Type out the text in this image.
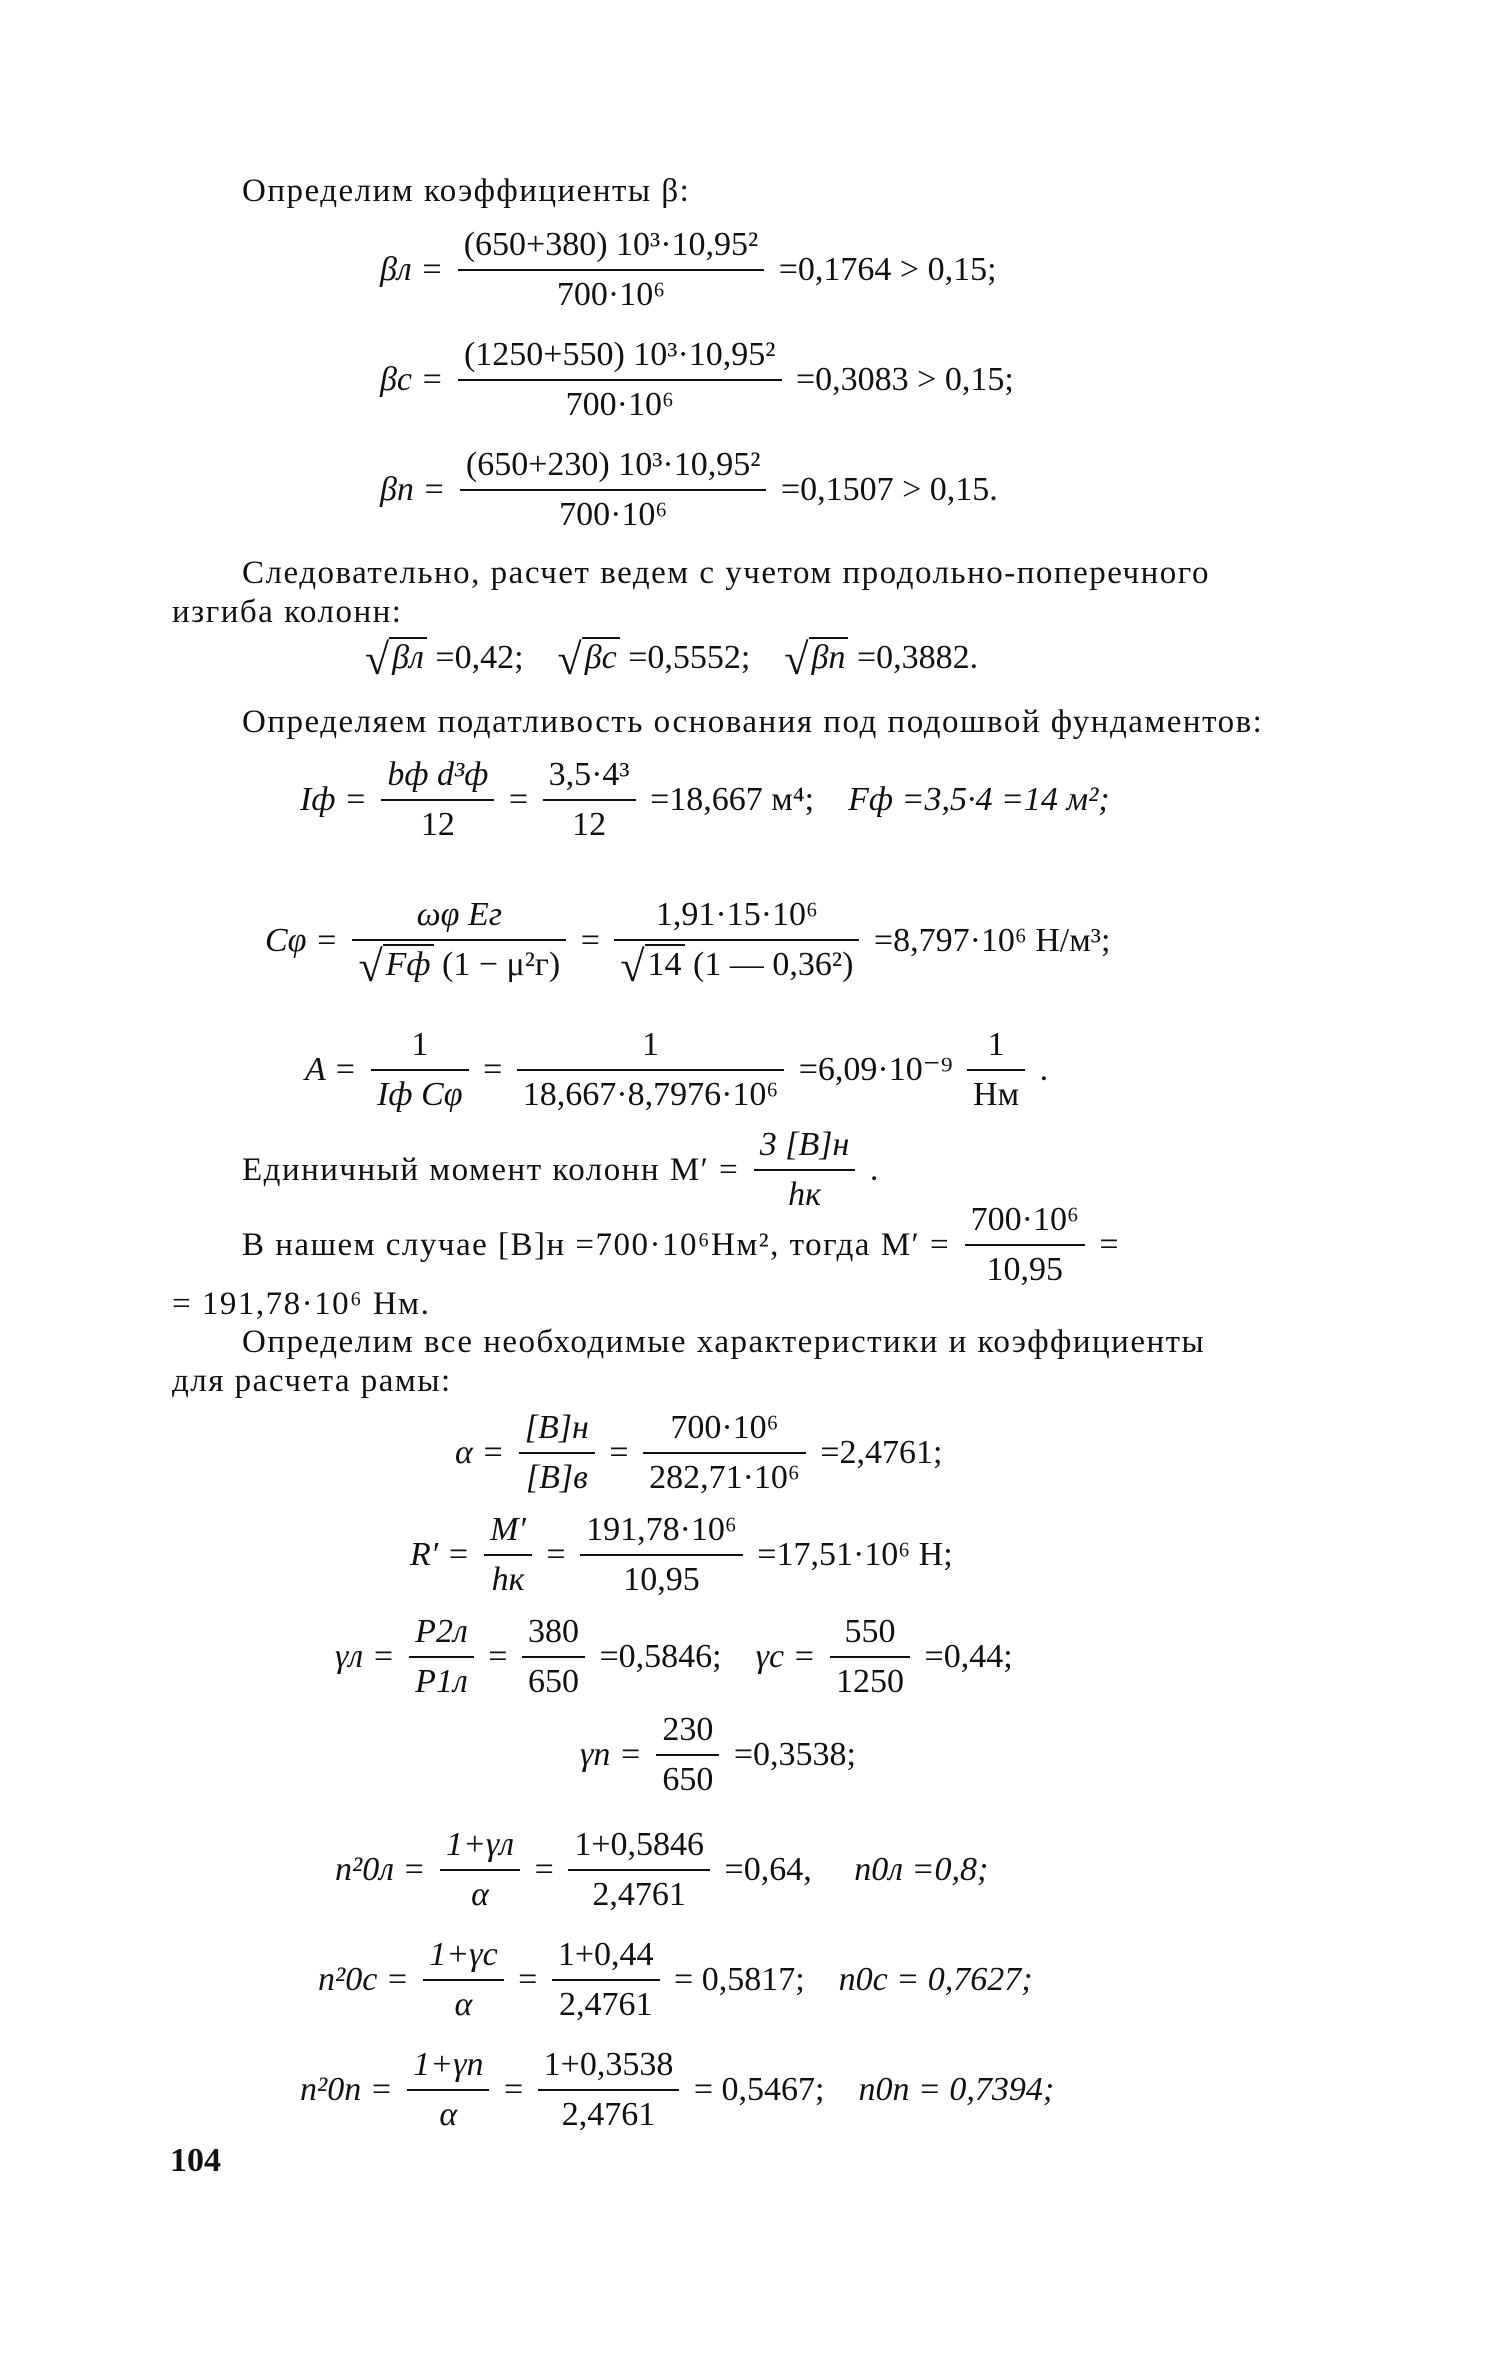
Определим коэффициенты β:
$\beta л = \frac{\text{(650+380) 10³·10,95²}}{\text{700·10⁶}} =0,1764 > 0,15$;
$\beta с = \frac{\text{(1250+550) 10³·10,95²}}{\text{700·10⁶}} =0,3083 > 0,15$;
$\beta п = \frac{\text{(650+230) 10³·10,95²}}{\text{700·10⁶}} =0,1507 > 0,15$.
Следовательно, расчет ведем с учетом продольно-поперечного
изгиба колонн:
√βл =0,42; √βс =0,5552; √βп =0,3882.
Определяем податливость основания под подошвой фундаментов:
Iф = $\frac{\text{bф d³ф}}{12} = \frac{\text{3,5·4³}}{12} =18,667$ м⁴; Fф =3,5·4 =14 м²;
$C\varphi = \frac{\text{ωφ Eг}}{\text{√Fф (1 − μ²г)}} = \frac{\text{1,91·15·10⁶}}{\text{√14 (1 — 0,36²)}} =8,797\cdot 10^6$ Н/м³;
$A = \frac{1}{\text{Iф Cφ}} = \frac{1}{\text{18,667·8,7976·10⁶}} =6,09\cdot 10^{-9} \frac{1}{Нм}$ .
Единичный момент колонн $M' = \frac{3 [B]н}{hк}$ .
В нашем случае [B]н =700·10⁶Нм², тогда $M' = \frac{\text{700·10⁶}}{10,95}$ =
= 191,78·10⁶ Нм.
Определим все необходимые характеристики и коэффициенты
для расчета рамы:
$\alpha = \frac{[B]н}{[B]в} = \frac{\text{700·10⁶}}{\text{282,71·10⁶}} =2,4761$;
$R' = \frac{M'}{hк} = \frac{\text{191,78·10⁶}}{10,95} =17,51\cdot 10^6$ Н;
$\gamma л = \frac{P2л}{P1л} = \frac{380}{650} =0,5846$; $\gamma с = \frac{550}{1250} =0,44$;
$\gamma п = \frac{230}{650} =0,3538$;
$n^20л = \frac{1+\gamma л}{\alpha} = \frac{1+0,5846}{2,4761} =0,64$, n0л =0,8;
$n^20с = \frac{1+\gamma с}{\alpha} = \frac{1+0,44}{2,4761} = 0,5817$; n0с = 0,7627;
$n^20п = \frac{1+\gamma п}{\alpha} = \frac{1+0,3538}{2,4761} = 0,5467$; n0п = 0,7394;
104
